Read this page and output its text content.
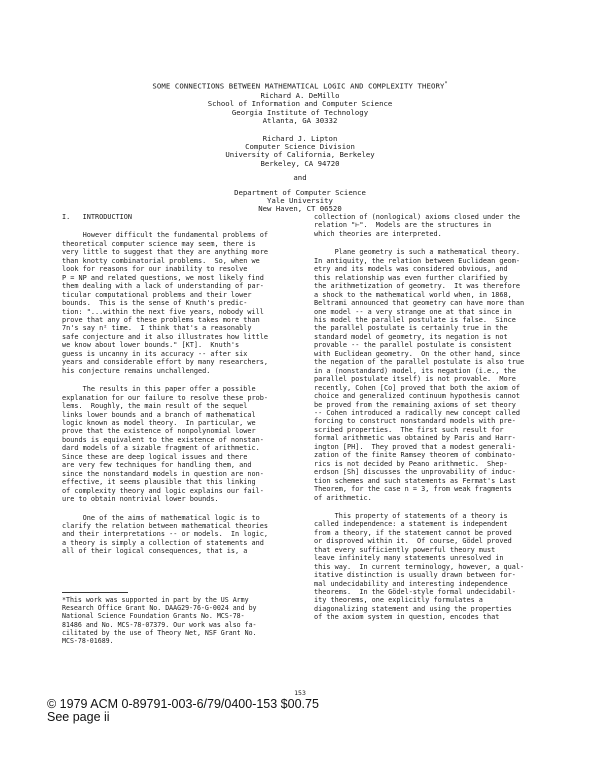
SOME CONNECTIONS BETWEEN MATHEMATICAL LOGIC AND COMPLEXITY THEORY*
Richard A. DeMillo
School of Information and Computer Science
Georgia Institute of Technology
Atlanta, GA 30332
Richard J. Lipton
Computer Science Division
University of California, Berkeley
Berkeley, CA 94720
and
Department of Computer Science
Yale University
New Haven, CT 06520
I.   INTRODUCTION
However difficult the fundamental problems of
theoretical computer science may seem, there is
very little to suggest that they are anything more
than knotty combinatorial problems.  So, when we
look for reasons for our inability to resolve
P = NP and related questions, we most likely find
them dealing with a lack of understanding of par-
ticular computational problems and their lower
bounds.  This is the sense of Knuth's predic-
tion: "...within the next five years, nobody will
prove that any of these problems takes more than
7n's say n² time.  I think that's a reasonably
safe conjecture and it also illustrates how little
we know about lower bounds." [KT].  Knuth's
guess is uncanny in its accuracy -- after six
years and considerable effort by many researchers,
his conjecture remains unchallenged.
The results in this paper offer a possible
explanation for our failure to resolve these prob-
lems.  Roughly, the main result of the sequel
links lower bounds and a branch of mathematical
logic known as model theory.  In particular, we
prove that the existence of nonpolynomial lower
bounds is equivalent to the existence of nonstan-
dard models of a sizable fragment of arithmetic.
Since these are deep logical issues and there
are very few techniques for handling them, and
since the nonstandard models in question are non-
effective, it seems plausible that this linking
of complexity theory and logic explains our fail-
ure to obtain nontrivial lower bounds.
One of the aims of mathematical logic is to
clarify the relation between mathematical theories
and their interpretations -- or models.  In logic,
a theory is simply a collection of statements and
all of their logical consequences, that is, a
collection of (nonlogical) axioms closed under the
relation "⊢".  Models are the structures in
which theories are interpreted.
Plane geometry is such a mathematical theory.
In antiquity, the relation between Euclidean geom-
etry and its models was considered obvious, and
this relationship was even further clarified by
the arithmetization of geometry.  It was therefore
a shock to the mathematical world when, in 1868,
Beltrami announced that geometry can have more than
one model -- a very strange one at that since in
his model the parallel postulate is false.  Since
the parallel postulate is certainly true in the
standard model of geometry, its negation is not
provable -- the parallel postulate is consistent
with Euclidean geometry.  On the other hand, since
the negation of the parallel postulate is also true
in a (nonstandard) model, its negation (i.e., the
parallel postulate itself) is not provable.  More
recently, Cohen [Co] proved that both the axiom of
choice and generalized continuum hypothesis cannot
be proved from the remaining axioms of set theory
-- Cohen introduced a radically new concept called
forcing to construct nonstandard models with pre-
scribed properties.  The first such result for
formal arithmetic was obtained by Paris and Harr-
ington [PH].  They proved that a modest generali-
zation of the finite Ramsey theorem of combinato-
rics is not decided by Peano arithmetic.  Shep-
erdson [Sh] discusses the unprovability of induc-
tion schemes and such statements as Fermat's Last
Theorem, for the case n = 3, from weak fragments
of arithmetic.
This property of statements of a theory is
called independence: a statement is independent
from a theory, if the statement cannot be proved
or disproved within it.  Of course, Gödel proved
that every sufficiently powerful theory must
leave infinitely many statements unresolved in
this way.  In current terminology, however, a qual-
itative distinction is usually drawn between for-
mal undecidability and interesting independence
theorems.  In the Gödel-style formal undecidabil-
ity theorems, one explicitly formulates a
diagonalizing statement and using the properties
of the axiom system in question, encodes that
*This work was supported in part by the US Army
Research Office Grant No. DAAG29-76-G-0024 and by
National Science Foundation Grants No. MCS-78-
81486 and No. MCS-78-07379. Our work was also fa-
cilitated by the use of Theory Net, NSF Grant No.
MCS-78-01689.
153
© 1979 ACM 0-89791-003-6/79/0400-153 $00.75
See page ii
